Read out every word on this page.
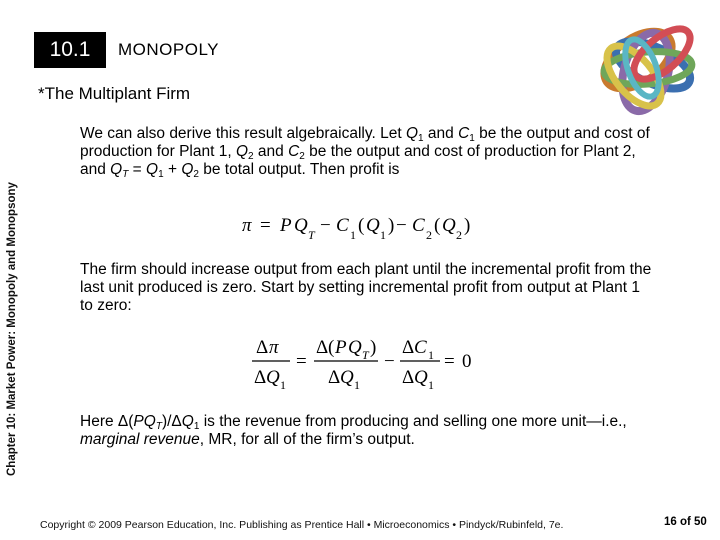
10.1 MONOPOLY
*The Multiplant Firm
Chapter 10: Market Power: Monopoly and Monopsony
We can also derive this result algebraically. Let $Q_1$ and $C_1$ be the output and cost of production for Plant 1, $Q_2$ and $C_2$ be the output and cost of production for Plant 2, and $Q_T = Q_1 + Q_2$ be total output. Then profit is
π = P Q T − C 1 ( Q 1 ) − C 2 ( Q 2 )
The firm should increase output from each plant until the incremental profit from the last unit produced is zero. Start by setting incremental profit from output at Plant 1 to zero:
Δ π
Δ Q 1
=
Δ ( P Q T )
Δ Q 1
−
Δ C 1
Δ Q 1
= 0
Here $\Delta(PQ_T)/\Delta Q_1$ is the revenue from producing and selling one more unit—i.e., marginal revenue, MR, for all of the firm’s output.
Copyright © 2009 Pearson Education, Inc. Publishing as Prentice Hall • Microeconomics • Pindyck/Rubinfeld, 7e.	16 of 50
